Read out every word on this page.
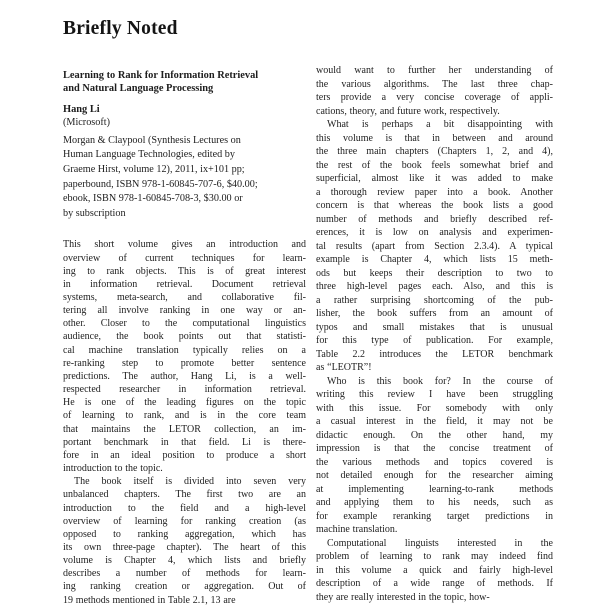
Briefly Noted
Learning to Rank for Information Retrieval
and Natural Language Processing
Hang Li
(Microsoft)
Morgan & Claypool (Synthesis Lectures on
Human Language Technologies, edited by
Graeme Hirst, volume 12), 2011, ix+101 pp;
paperbound, ISBN 978-1-60845-707-6, $40.00;
ebook, ISBN 978-1-60845-708-3, $30.00 or
by subscription
This short volume gives an introduction and
overview of current techniques for learn-
ing to rank objects. This is of great interest
in information retrieval. Document retrieval
systems, meta-search, and collaborative fil-
tering all involve ranking in one way or an-
other. Closer to the computational linguistics
audience, the book points out that statisti-
cal machine translation typically relies on a
re-ranking step to promote better sentence
predictions. The author, Hang Li, is a well-
respected researcher in information retrieval.
He is one of the leading figures on the topic
of learning to rank, and is in the core team
that maintains the LETOR collection, an im-
portant benchmark in that field. Li is there-
fore in an ideal position to produce a short
introduction to the topic.
The book itself is divided into seven very
unbalanced chapters. The first two are an
introduction to the field and a high-level
overview of learning for ranking creation (as
opposed to ranking aggregation, which has
its own three-page chapter). The heart of this
volume is Chapter 4, which lists and briefly
describes a number of methods for learn-
ing ranking creation or aggregation. Out of
19 methods mentioned in Table 2.1, 13 are
would want to further her understanding of
the various algorithms. The last three chap-
ters provide a very concise coverage of appli-
cations, theory, and future work, respectively.
What is perhaps a bit disappointing with
this volume is that in between and around
the three main chapters (Chapters 1, 2, and 4),
the rest of the book feels somewhat brief and
superficial, almost like it was added to make
a thorough review paper into a book. Another
concern is that whereas the book lists a good
number of methods and briefly described ref-
erences, it is low on analysis and experimen-
tal results (apart from Section 2.3.4). A typical
example is Chapter 4, which lists 15 meth-
ods but keeps their description to two to
three high-level pages each. Also, and this is
a rather surprising shortcoming of the pub-
lisher, the book suffers from an amount of
typos and small mistakes that is unusual
for this type of publication. For example,
Table 2.2 introduces the LETOR benchmark
as “LEOTR”!
Who is this book for? In the course of
writing this review I have been struggling
with this issue. For somebody with only
a casual interest in the field, it may not be
didactic enough. On the other hand, my
impression is that the concise treatment of
the various methods and topics covered is
not detailed enough for the researcher aiming
at implementing learning-to-rank methods
and applying them to his needs, such as
for example reranking target predictions in
machine translation.
Computational linguists interested in the
problem of learning to rank may indeed find
in this volume a quick and fairly high-level
description of a wide range of methods. If
they are really interested in the topic, how-
